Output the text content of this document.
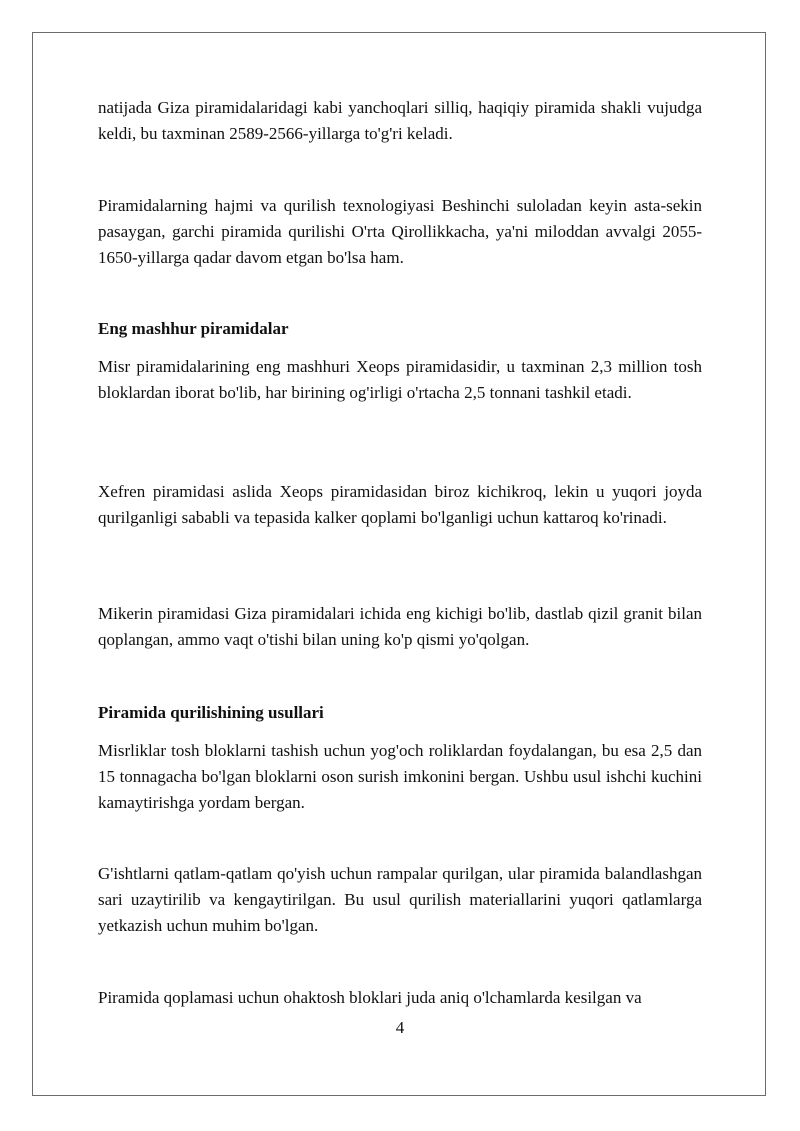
natijada Giza piramidalaridagi kabi yanchoqlari silliq, haqiqiy piramida shakli vujudga keldi, bu taxminan 2589-2566-yillarga to'g'ri keladi.

Piramidalarning hajmi va qurilish texnologiyasi Beshinchi suloladan keyin asta-sekin pasaygan, garchi piramida qurilishi O'rta Qirollikkacha, ya'ni miloddan avvalgi 2055-1650-yillarga qadar davom etgan bo'lsa ham.

Eng mashhur piramidalar

Misr piramidalarining eng mashhuri Xeops piramidasidir, u taxminan 2,3 million tosh bloklardan iborat bo'lib, har birining og'irligi o'rtacha 2,5 tonnani tashkil etadi.

Xefren piramidasi aslida Xeops piramidasidan biroz kichikroq, lekin u yuqori joyda qurilganligi sababli va tepasida kalker qoplami bo'lganligi uchun kattaroq ko'rinadi.

Mikerin piramidasi Giza piramidalari ichida eng kichigi bo'lib, dastlab qizil granit bilan qoplangan, ammo vaqt o'tishi bilan uning ko'p qismi yo'qolgan.

Piramida qurilishining usullari

Misrliklar tosh bloklarni tashish uchun yog'och roliklardan foydalangan, bu esa 2,5 dan 15 tonnagacha bo'lgan bloklarni oson surish imkonini bergan. Ushbu usul ishchi kuchini kamaytirishga yordam bergan.

G'ishtlarni qatlam-qatlam qo'yish uchun rampalar qurilgan, ular piramida balandlashgan sari uzaytirilib va kengaytirilgan. Bu usul qurilish materiallarini yuqori qatlamlarga yetkazish uchun muhim bo'lgan.

Piramida qoplamasi uchun ohaktosh bloklari juda aniq o'lchamlarda kesilgan va

4
